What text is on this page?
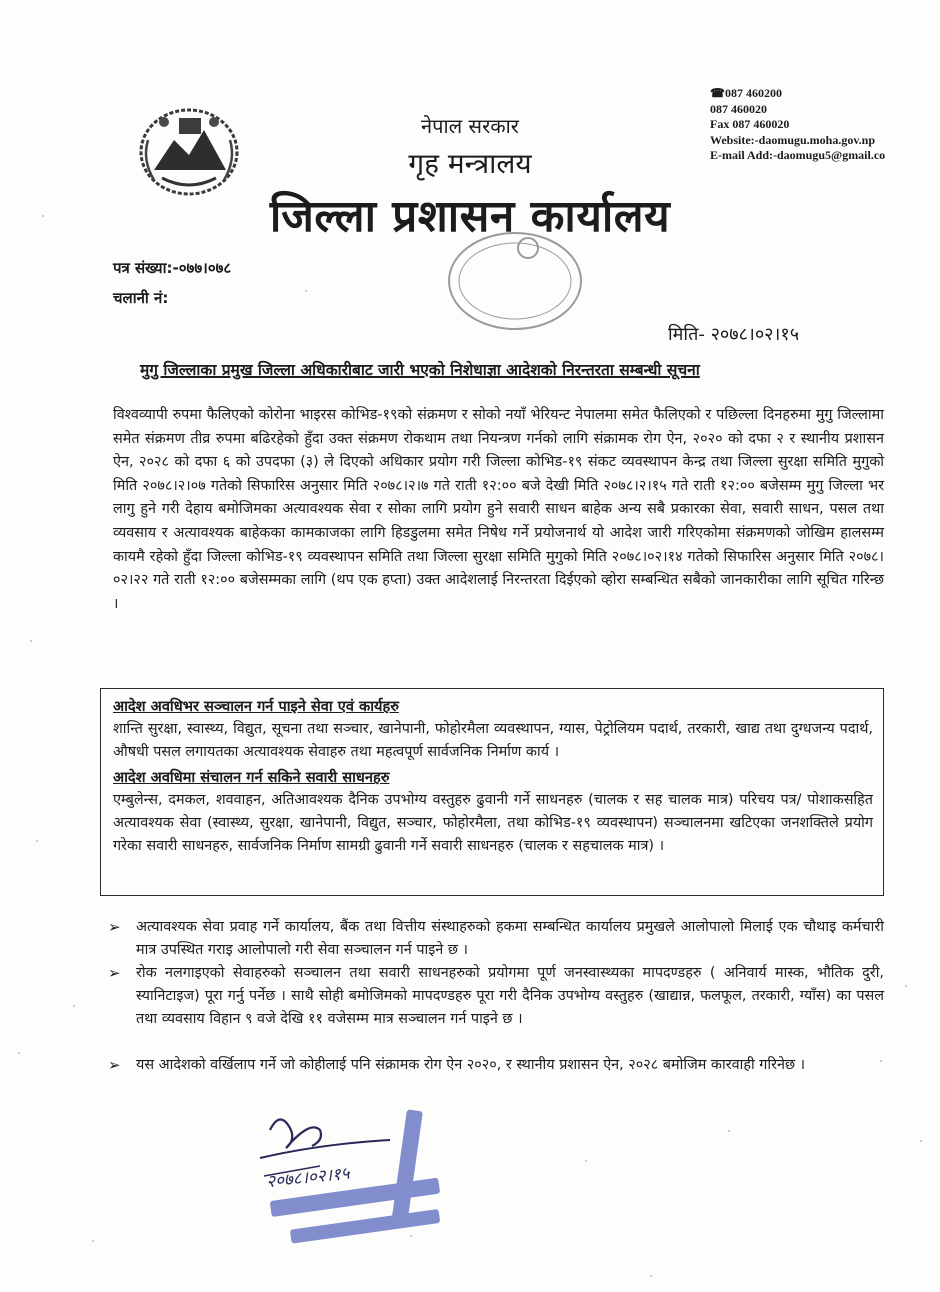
नेपाल सरकार
गृह मन्त्रालय
जिल्ला प्रशासन कार्यालय
☎087 460200
087 460020
Fax 087 460020
Website:-daomugu.moha.gov.np
E-mail Add:-daomugu5@gmail.co
पत्र संख्या:-०७७।०७८
चलानी नं:
मिति- २०७८।०२।१५
मुगु जिल्लाका प्रमुख जिल्ला अधिकारीबाट जारी भएको निशेधाज्ञा आदेशको निरन्तरता सम्बन्धी सूचना
विश्वव्यापी रुपमा फैलिएको कोरोना भाइरस कोभिड-१९को संक्रमण र सोको नयाँ भेरियन्ट नेपालमा समेत फैलिएको र पछिल्ला दिनहरुमा मुगु जिल्लामा समेत संक्रमण तीव्र रुपमा बढिरहेको हुँदा उक्त संक्रमण रोकथाम तथा नियन्त्रण गर्नको लागि संक्रामक रोग ऐन, २०२० को दफा २ र स्थानीय प्रशासन ऐन, २०२८ को दफा ६ को उपदफा (३) ले दिएको अधिकार प्रयोग गरी जिल्ला कोभिड-१९ संकट व्यवस्थापन केन्द्र तथा जिल्ला सुरक्षा समिति मुगुको मिति २०७८।२।०७ गतेको सिफारिस अनुसार मिति २०७८।२।७ गते राती १२:०० बजे देखी मिति २०७८।२।१५ गते राती १२:०० बजेसम्म मुगु जिल्ला भर लागु हुने गरी देहाय बमोजिमका अत्यावश्यक सेवा र सोका लागि प्रयोग हुने सवारी साधन बाहेक अन्य सबै प्रकारका सेवा, सवारी साधन, पसल तथा व्यवसाय र अत्यावश्यक बाहेकका कामकाजका लागि हिडडुलमा समेत निषेध गर्ने प्रयोजनार्थ यो आदेश जारी गरिएकोमा संक्रमणको जोखिम हालसम्म कायमै रहेको हुँदा जिल्ला कोभिड-१९ व्यवस्थापन समिति तथा जिल्ला सुरक्षा समिति मुगुको मिति २०७८।०२।१४ गतेको सिफारिस अनुसार मिति २०७८।०२।२२ गते राती १२:०० बजेसम्मका लागि (थप एक हप्ता) उक्त आदेशलाई निरन्तरता दिईएको व्होरा सम्बन्धित सबैको जानकारीका लागि सूचित गरिन्छ ।
आदेश अवधिभर सञ्चालन गर्न पाइने सेवा एवं कार्यहरु
शान्ति सुरक्षा, स्वास्थ्य, विद्युत, सूचना तथा सञ्चार, खानेपानी, फोहोरमैला व्यवस्थापन, ग्यास, पेट्रोलियम पदार्थ, तरकारी, खाद्य तथा दुग्धजन्य पदार्थ, औषधी पसल लगायतका अत्यावश्यक सेवाहरु तथा महत्वपूर्ण सार्वजनिक निर्माण कार्य ।
आदेश अवधिमा संचालन गर्न सकिने सवारी साधनहरु
एम्बुलेन्स, दमकल, शववाहन, अतिआवश्यक दैनिक उपभोग्य वस्तुहरु ढुवानी गर्ने साधनहरु (चालक र सह चालक मात्र) परिचय पत्र/ पोशाकसहित अत्यावश्यक सेवा (स्वास्थ्य, सुरक्षा, खानेपानी, विद्युत, सञ्चार, फोहोरमैला, तथा कोभिड-१९ व्यवस्थापन) सञ्चालनमा खटिएका जनशक्तिले प्रयोग गरेका सवारी साधनहरु, सार्वजनिक निर्माण सामग्री ढुवानी गर्ने सवारी साधनहरु (चालक र सहचालक मात्र) ।
➢ अत्यावश्यक सेवा प्रवाह गर्ने कार्यालय, बैंक तथा वित्तीय संस्थाहरुको हकमा सम्बन्धित कार्यालय प्रमुखले आलोपालो मिलाई एक चौथाइ कर्मचारी मात्र उपस्थित गराइ आलोपालो गरी सेवा सञ्चालन गर्न पाइने छ ।
➢ रोक नलगाइएको सेवाहरुको सञ्चालन तथा सवारी साधनहरुको प्रयोगमा पूर्ण जनस्वास्थ्यका मापदण्डहरु ( अनिवार्य मास्क, भौतिक दुरी, स्यानिटाइज) पूरा गर्नु पर्नेछ । साथै सोही बमोजिमको मापदण्डहरु पूरा गरी दैनिक उपभोग्य वस्तुहरु (खाद्यान्न, फलफूल, तरकारी, ग्याँस) का पसल तथा व्यवसाय विहान ९ वजे देखि ११ वजेसम्म मात्र सञ्चालन गर्न पाइने छ ।
➢ यस आदेशको वर्खिलाप गर्ने जो कोहीलाई पनि संक्रामक रोग ऐन २०२०, र स्थानीय प्रशासन ऐन, २०२८ बमोजिम कारवाही गरिनेछ ।
२०७८।०२।१५
